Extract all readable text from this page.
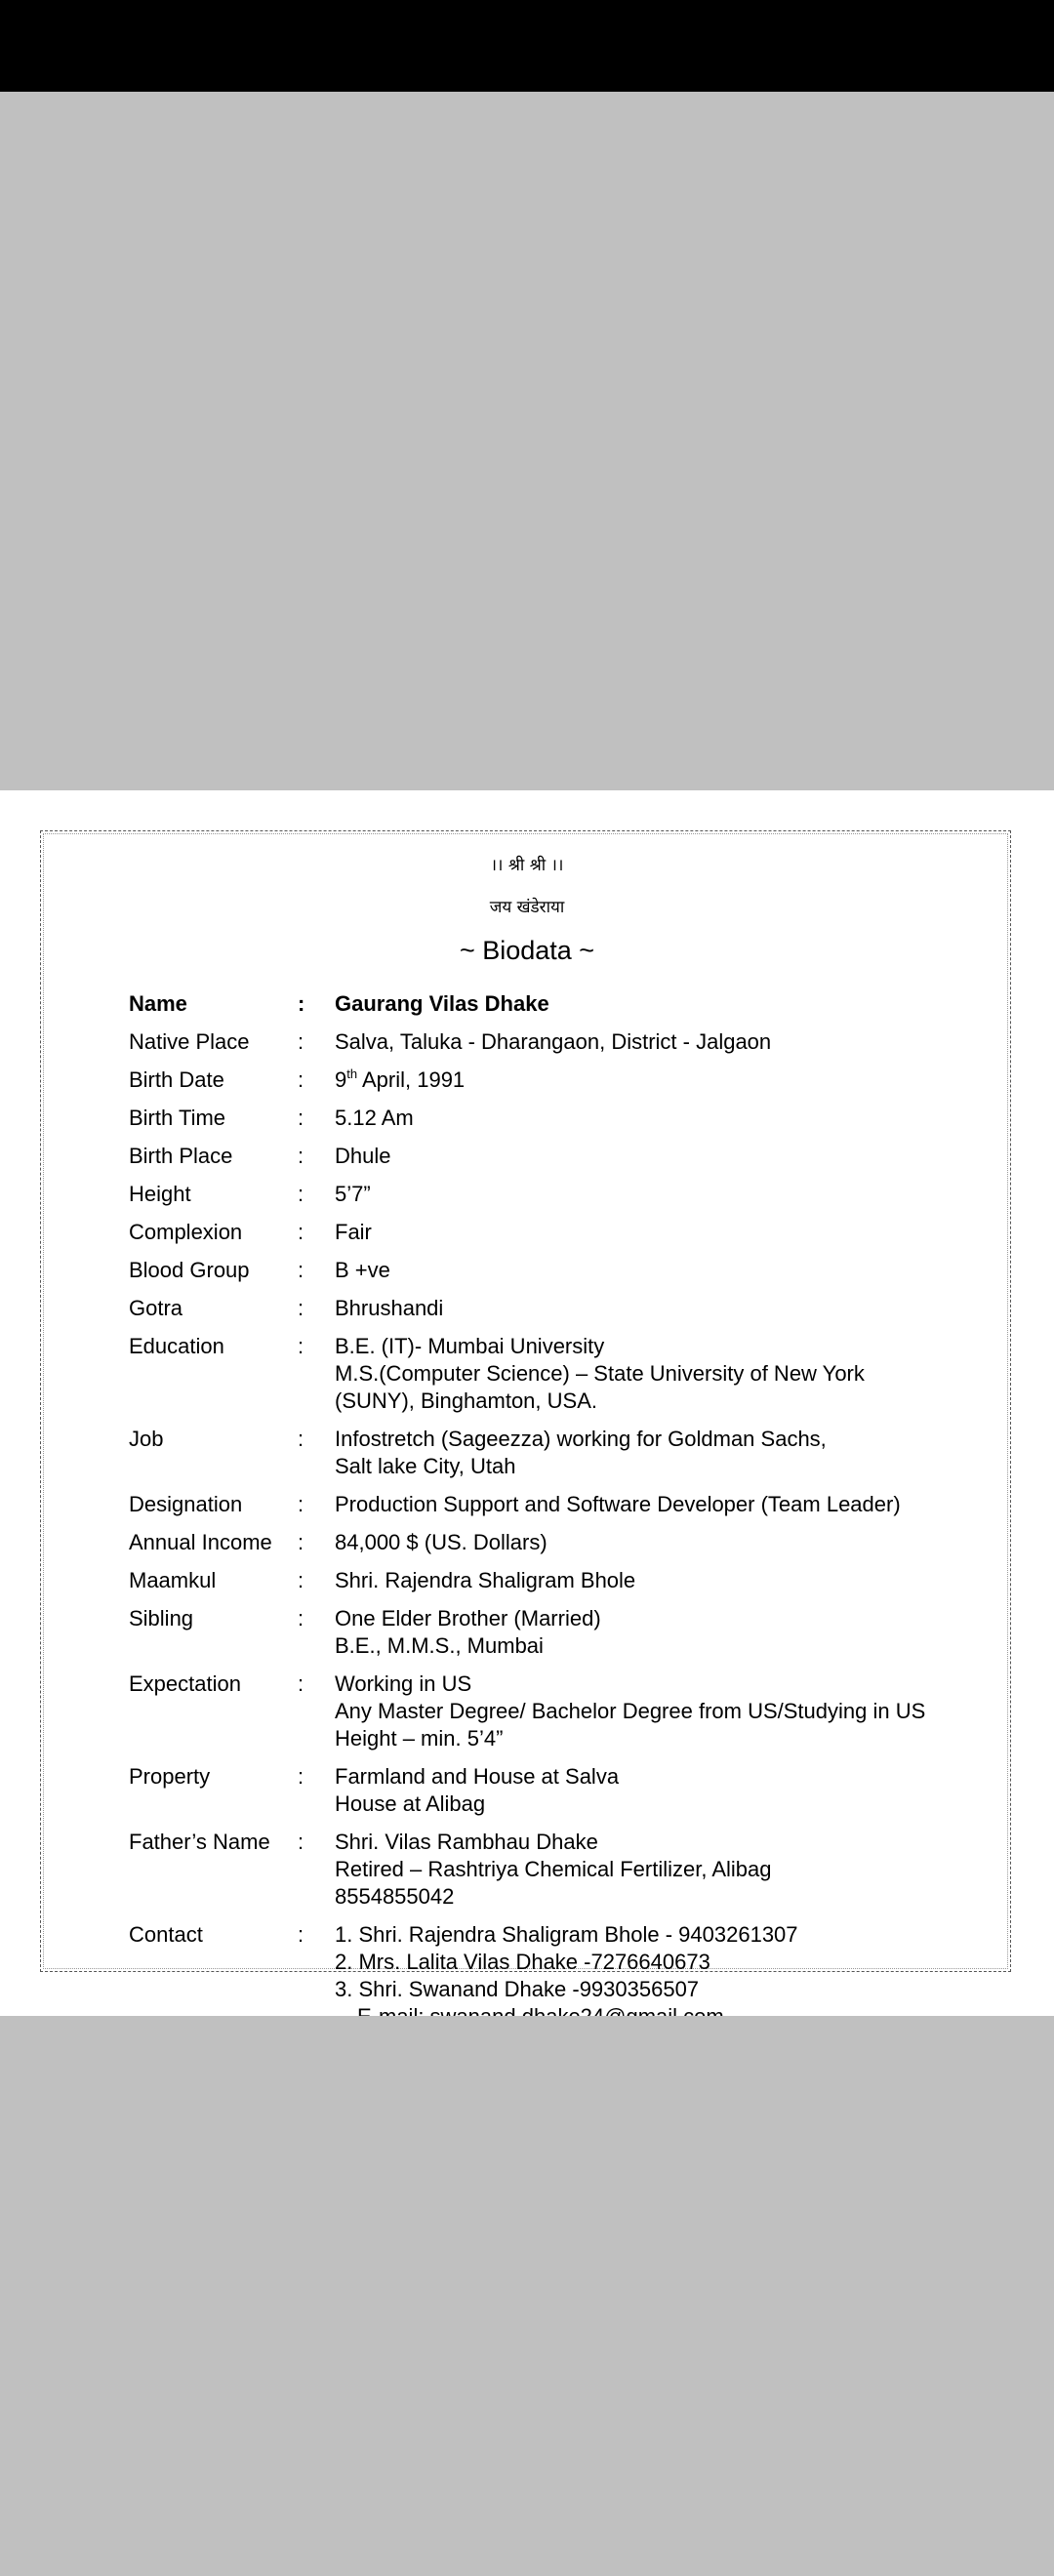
।। श्री श्री ।।
जय खंडेराया
~ Biodata ~
Name	:	Gaurang Vilas Dhake
Native Place	:	Salva, Taluka - Dharangaon, District - Jalgaon
Birth Date	:	9th April, 1991
Birth Time	:	5.12 Am
Birth Place	:	Dhule
Height	:	5’7”
Complexion	:	Fair
Blood Group	:	B +ve
Gotra	:	Bhrushandi
Education	:	B.E. (IT)- Mumbai University
M.S.(Computer Science) – State University of New York
(SUNY), Binghamton, USA.
Job	:	Infostretch (Sageezza) working for Goldman Sachs,
Salt lake City, Utah
Designation	:	Production Support and Software Developer (Team Leader)
Annual Income	:	84,000 $ (US. Dollars)
Maamkul	:	Shri. Rajendra Shaligram Bhole
Sibling	:	One Elder Brother (Married)
B.E., M.M.S., Mumbai
Expectation	:	Working in US
Any Master Degree/ Bachelor Degree from US/Studying in US
Height – min. 5’4”
Property	:	Farmland and House at Salva
House at Alibag
Father’s Name	:	Shri. Vilas Rambhau Dhake
Retired – Rashtriya Chemical Fertilizer, Alibag
8554855042
Contact	:	1. Shri. Rajendra Shaligram Bhole - 9403261307
2. Mrs. Lalita Vilas Dhake -7276640673
3. Shri. Swanand Dhake -9930356507
